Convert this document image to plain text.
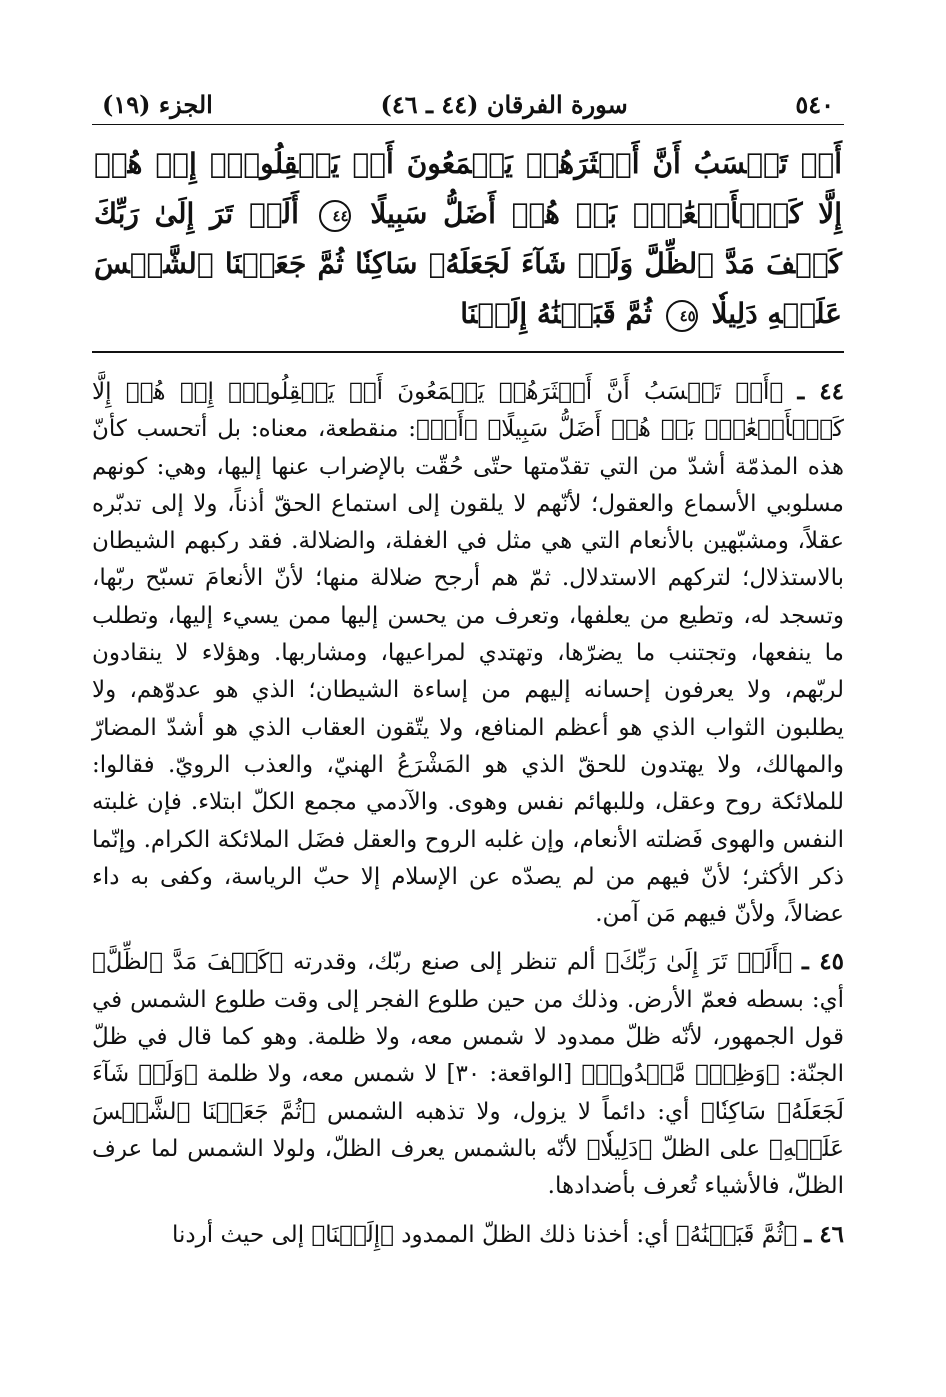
٥٤٠
سورة الفرقان (٤٤ ـ ٤٦)
الجزء (١٩)
أَمۡ تَحۡسَبُ أَنَّ أَكۡثَرَهُمۡ يَسۡمَعُونَ أَوۡ يَعۡقِلُونَۚ إِنۡ هُمۡ إِلَّا كَٱلۡأَنۡعَٰمِۖ بَلۡ هُمۡ أَضَلُّ سَبِيلًا ٤٤ أَلَمۡ تَرَ إِلَىٰ رَبِّكَ كَيۡفَ مَدَّ ٱلظِّلَّ وَلَوۡ شَآءَ لَجَعَلَهُۥ سَاكِنٗا ثُمَّ جَعَلۡنَا ٱلشَّمۡسَ عَلَيۡهِ دَلِيلٗا ٤٥ ثُمَّ قَبَضۡنَٰهُ إِلَيۡنَا

٤٤ ـ ﴿أَمۡ تَحۡسَبُ أَنَّ أَكۡثَرَهُمۡ يَسۡمَعُونَ أَوۡ يَعۡقِلُونَۚ إِنۡ هُمۡ إِلَّا كَٱلۡأَنۡعَٰمِۖ بَلۡ هُمۡ أَضَلُّ سَبِيلًا﴾ ﴿أَمۡ﴾: منقطعة، معناه: بل أتحسب كأنّ هذه المذمّة أشدّ من التي تقدّمتها حتّى حُقّت بالإضراب عنها إليها، وهي: كونهم مسلوبي الأسماع والعقول؛ لأنّهم لا يلقون إلى استماع الحقّ أذناً، ولا إلى تدبّره عقلاً، ومشبّهين بالأنعام التي هي مثل في الغفلة، والضلالة. فقد ركبهم الشيطان بالاستذلال؛ لتركهم الاستدلال. ثمّ هم أرجح ضلالة منها؛ لأنّ الأنعامَ تسبّح ربّها، وتسجد له، وتطيع من يعلفها، وتعرف من يحسن إليها ممن يسيء إليها، وتطلب ما ينفعها، وتجتنب ما يضرّها، وتهتدي لمراعيها، ومشاربها. وهؤلاء لا ينقادون لربّهم، ولا يعرفون إحسانه إليهم من إساءة الشيطان؛ الذي هو عدوّهم، ولا يطلبون الثواب الذي هو أعظم المنافع، ولا يتّقون العقاب الذي هو أشدّ المضارّ والمهالك، ولا يهتدون للحقّ الذي هو المَشْرَعُ الهنيّ، والعذب الرويّ. فقالوا: للملائكة روح وعقل، وللبهائم نفس وهوى. والآدمي مجمع الكلّ ابتلاء. فإن غلبته النفس والهوى فَضلته الأنعام، وإن غلبه الروح والعقل فضَل الملائكة الكرام. وإنّما ذكر الأكثر؛ لأنّ فيهم من لم يصدّه عن الإسلام إلا حبّ الرياسة، وكفى به داء عضالاً، ولأنّ فيهم مَن آمن.

٤٥ ـ ﴿أَلَمۡ تَرَ إِلَىٰ رَبِّكَ﴾ ألم تنظر إلى صنع ربّك، وقدرته ﴿كَيۡفَ مَدَّ ٱلظِّلَّ﴾ أي: بسطه فعمّ الأرض. وذلك من حين طلوع الفجر إلى وقت طلوع الشمس في قول الجمهور، لأنّه ظلّ ممدود لا شمس معه، ولا ظلمة. وهو كما قال في ظلّ الجنّة: ﴿وَظِلّٖ مَّمۡدُودٖ﴾ [الواقعة: ٣٠] لا شمس معه، ولا ظلمة ﴿وَلَوۡ شَآءَ لَجَعَلَهُۥ سَاكِنٗا﴾ أي: دائماً لا يزول، ولا تذهبه الشمس ﴿ثُمَّ جَعَلۡنَا ٱلشَّمۡسَ عَلَيۡهِ﴾ على الظلّ ﴿دَلِيلٗا﴾ لأنّه بالشمس يعرف الظلّ، ولولا الشمس لما عرف الظلّ، فالأشياء تُعرف بأضدادها.

٤٦ ـ ﴿ثُمَّ قَبَضۡنَٰهُ﴾ أي: أخذنا ذلك الظلّ الممدود ﴿إِلَيۡنَا﴾ إلى حيث أردنا
